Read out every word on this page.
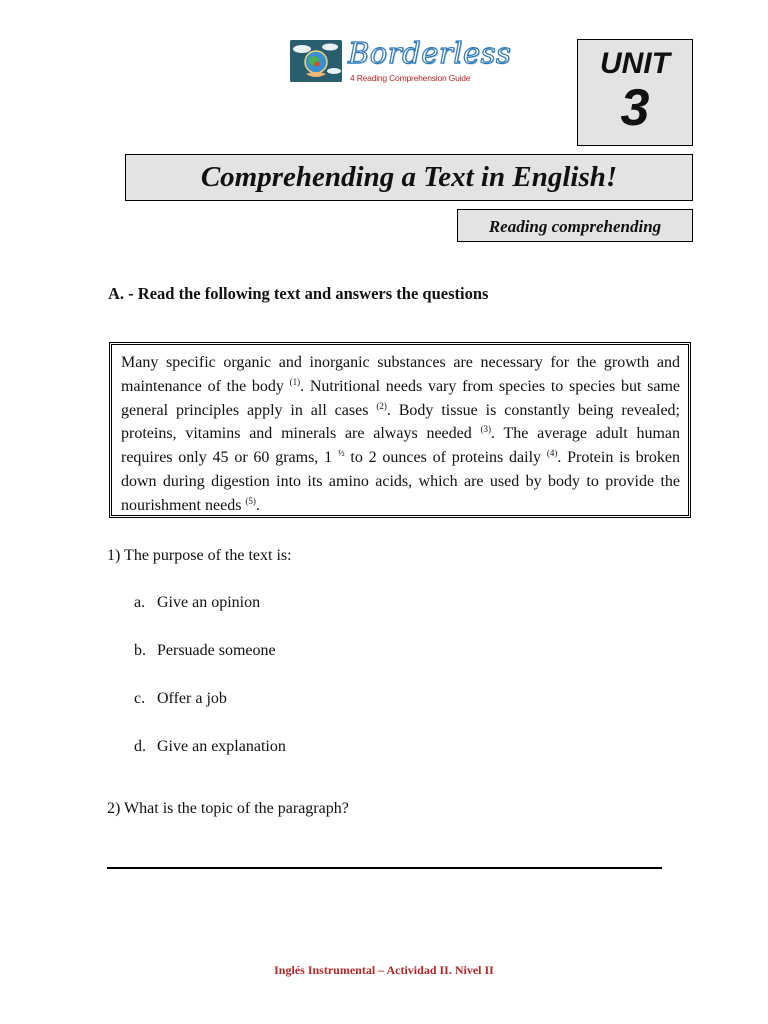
Borderless
4 Reading Comprehension Guide	UNIT
3
Comprehending a Text in English!
Reading comprehending
A. - Read the following text and answers the questions

Many specific organic and inorganic substances are necessary for the growth and maintenance of the body $^{(1)}$. Nutritional needs vary from species to species but same general principles apply in all cases $^{(2)}$. Body tissue is constantly being revealed; proteins, vitamins and minerals are always needed $^{(3)}$. The average adult human requires only 45 or 60 grams, 1 $^{\frac{1}{2}}$ to 2 ounces of proteins daily $^{(4)}$. Protein is broken down during digestion into its amino acids, which are used by body to provide the nourishment needs $^{(5)}$.

1) The purpose of the text is:
a. Give an opinion
b. Persuade someone
c. Offer a job
d. Give an explanation
2) What is the topic of the paragraph?
Inglés Instrumental – Actividad II. Nivel II
